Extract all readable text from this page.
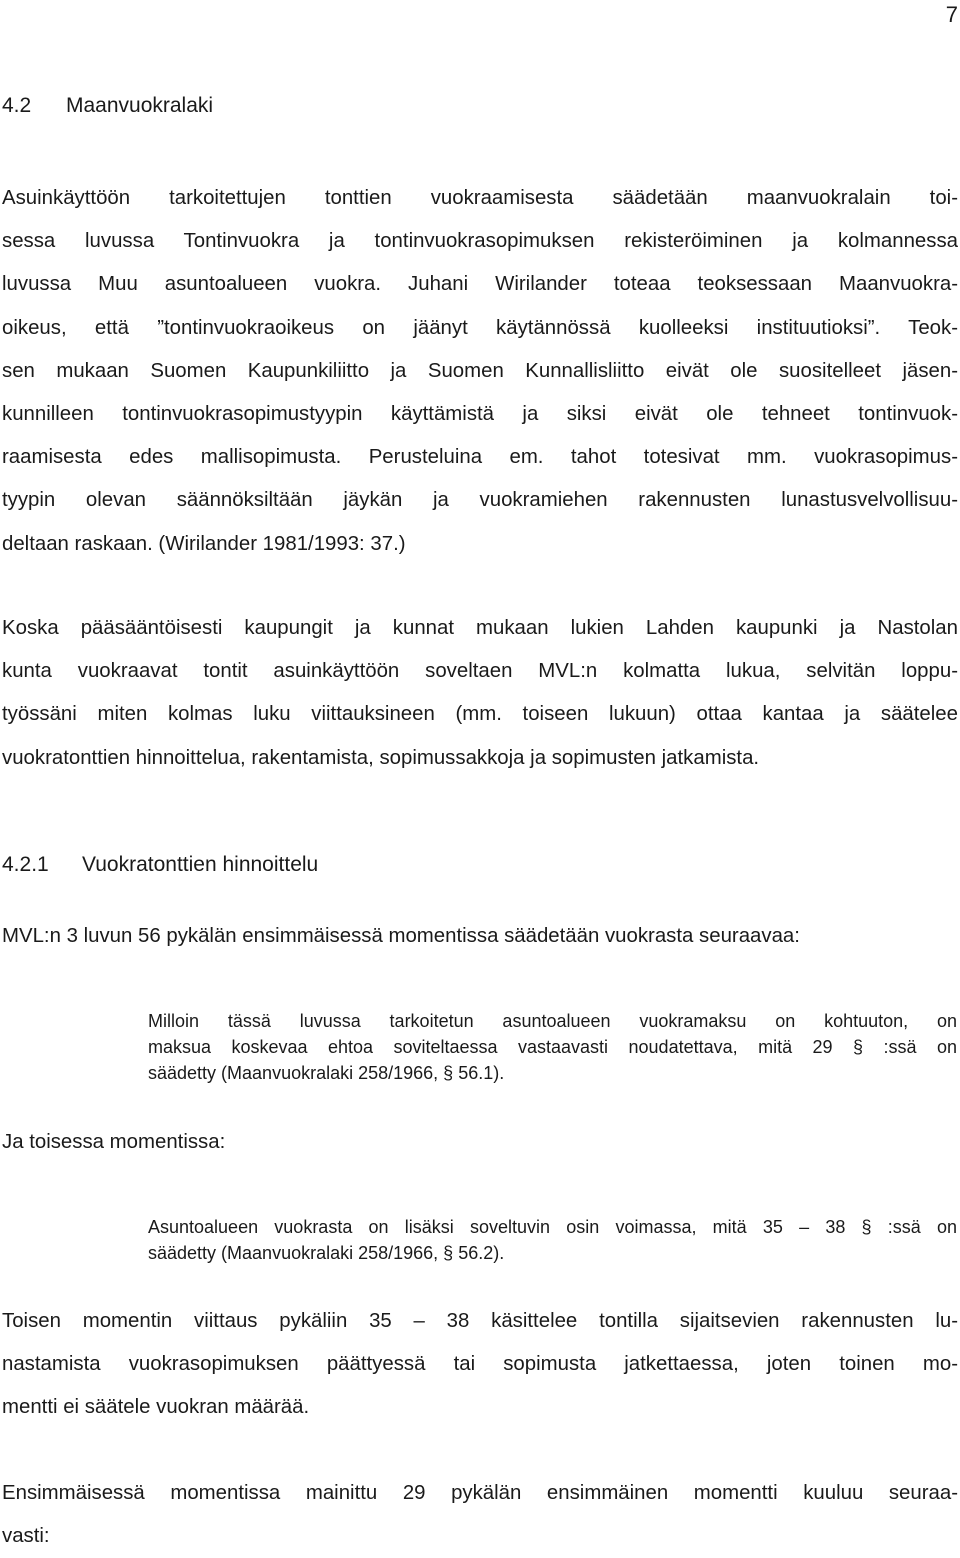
7
4.2 Maanvuokralaki
Asuinkäyttöön tarkoitettujen tonttien vuokraamisesta säädetään maanvuokralain toi-
sessa luvussa Tontinvuokra ja tontinvuokrasopimuksen rekisteröiminen ja kolmannessa
luvussa Muu asuntoalueen vuokra. Juhani Wirilander toteaa teoksessaan Maanvuokra-
oikeus, että ”tontinvuokraoikeus on jäänyt käytännössä kuolleeksi instituutioksi”. Teok-
sen mukaan Suomen Kaupunkiliitto ja Suomen Kunnallisliitto eivät ole suositelleet jäsen-
kunnilleen tontinvuokrasopimustyypin käyttämistä ja siksi eivät ole tehneet tontinvuok-
raamisesta edes mallisopimusta. Perusteluina em. tahot totesivat mm. vuokrasopimus-
tyypin olevan säännöksiltään jäykän ja vuokramiehen rakennusten lunastusvelvollisuu-
deltaan raskaan. (Wirilander 1981/1993: 37.)
Koska pääsääntöisesti kaupungit ja kunnat mukaan lukien Lahden kaupunki ja Nastolan
kunta vuokraavat tontit asuinkäyttöön soveltaen MVL:n kolmatta lukua, selvitän loppu-
työssäni miten kolmas luku viittauksineen (mm. toiseen lukuun) ottaa kantaa ja säätelee
vuokratonttien hinnoittelua, rakentamista, sopimussakkoja ja sopimusten jatkamista.
4.2.1 Vuokratonttien hinnoittelu
MVL:n 3 luvun 56 pykälän ensimmäisessä momentissa säädetään vuokrasta seuraavaa:
Milloin tässä luvussa tarkoitetun asuntoalueen vuokramaksu on kohtuuton, on
maksua koskevaa ehtoa soviteltaessa vastaavasti noudatettava, mitä 29 § :ssä on
säädetty (Maanvuokralaki 258/1966, § 56.1).
Ja toisessa momentissa:
Asuntoalueen vuokrasta on lisäksi soveltuvin osin voimassa, mitä 35 – 38 § :ssä on
säädetty (Maanvuokralaki 258/1966, § 56.2).
Toisen momentin viittaus pykäliin 35 – 38 käsittelee tontilla sijaitsevien rakennusten lu-
nastamista vuokrasopimuksen päättyessä tai sopimusta jatkettaessa, joten toinen mo-
mentti ei säätele vuokran määrää.
Ensimmäisessä momentissa mainittu 29 pykälän ensimmäinen momentti kuuluu seuraa-
vasti:
